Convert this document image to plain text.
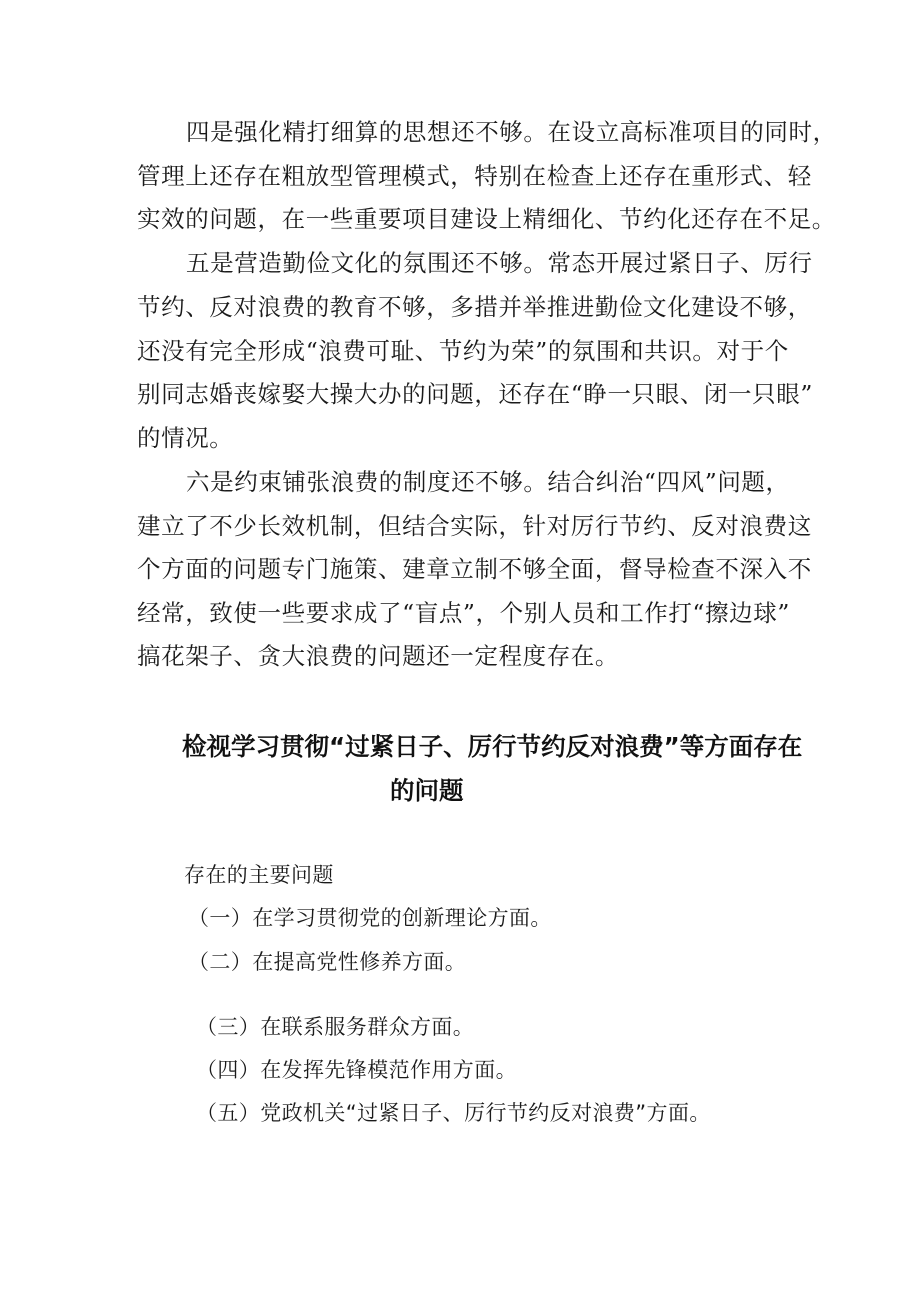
四是强化精打细算的思想还不够。在设立高标准项目的同时，
管理上还存在粗放型管理模式，特别在检查上还存在重形式、轻
实效的问题，在一些重要项目建设上精细化、节约化还存在不足。
五是营造勤俭文化的氛围还不够。常态开展过紧日子、厉行
节约、反对浪费的教育不够，多措并举推进勤俭文化建设不够，
还没有完全形成“浪费可耻、节约为荣”的氛围和共识。对于个
别同志婚丧嫁娶大操大办的问题，还存在“睁一只眼、闭一只眼”
的情况。
六是约束铺张浪费的制度还不够。结合纠治“四风”问题，
建立了不少长效机制，但结合实际，针对厉行节约、反对浪费这
个方面的问题专门施策、建章立制不够全面，督导检查不深入不
经常，致使一些要求成了“盲点”，个别人员和工作打“擦边球”
搞花架子、贪大浪费的问题还一定程度存在。
检视学习贯彻“过紧日子、厉行节约反对浪费”等方面存在
的问题
存在的主要问题
（一）在学习贯彻党的创新理论方面。
（二）在提高党性修养方面。
（三）在联系服务群众方面。
（四）在发挥先锋模范作用方面。
（五）党政机关“过紧日子、厉行节约反对浪费”方面。
